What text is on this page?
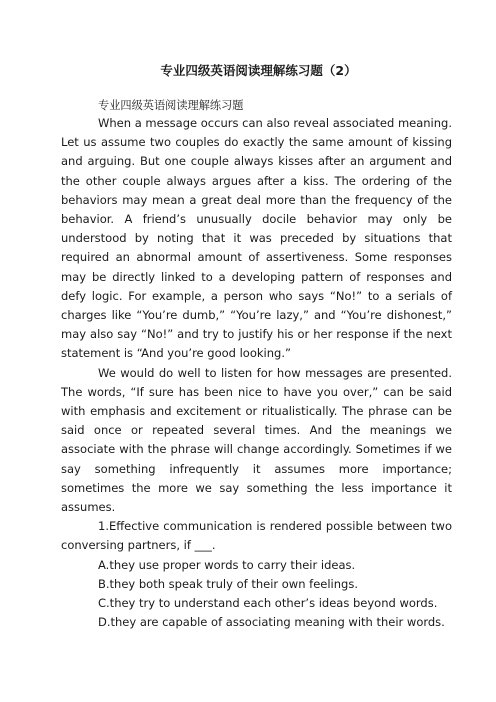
专业四级英语阅读理解练习题（2）

专业四级英语阅读理解练习题

When a message occurs can also reveal associated meaning. Let us assume two couples do exactly the same amount of kissing and arguing. But one couple always kisses after an argument and the other couple always argues after a kiss. The ordering of the behaviors may mean a great deal more than the frequency of the behavior. A friend’s unusually docile behavior may only be understood by noting that it was preceded by situations that required an abnormal amount of assertiveness. Some responses may be directly linked to a developing pattern of responses and defy logic. For example, a person who says “No!” to a serials of charges like “You’re dumb,” “You’re lazy,” and “You’re dishonest,” may also say “No!” and try to justify his or her response if the next statement is “And you’re good looking.”

We would do well to listen for how messages are presented. The words, “If sure has been nice to have you over,” can be said with emphasis and excitement or ritualistically. The phrase can be said once or repeated several times. And the meanings we associate with the phrase will change accordingly. Sometimes if we say something infrequently it assumes more importance; sometimes the more we say something the less importance it assumes.

1.Effective communication is rendered possible between two conversing partners, if ___.

A.they use proper words to carry their ideas.

B.they both speak truly of their own feelings.

C.they try to understand each other’s ideas beyond words.

D.they are capable of associating meaning with their words.
